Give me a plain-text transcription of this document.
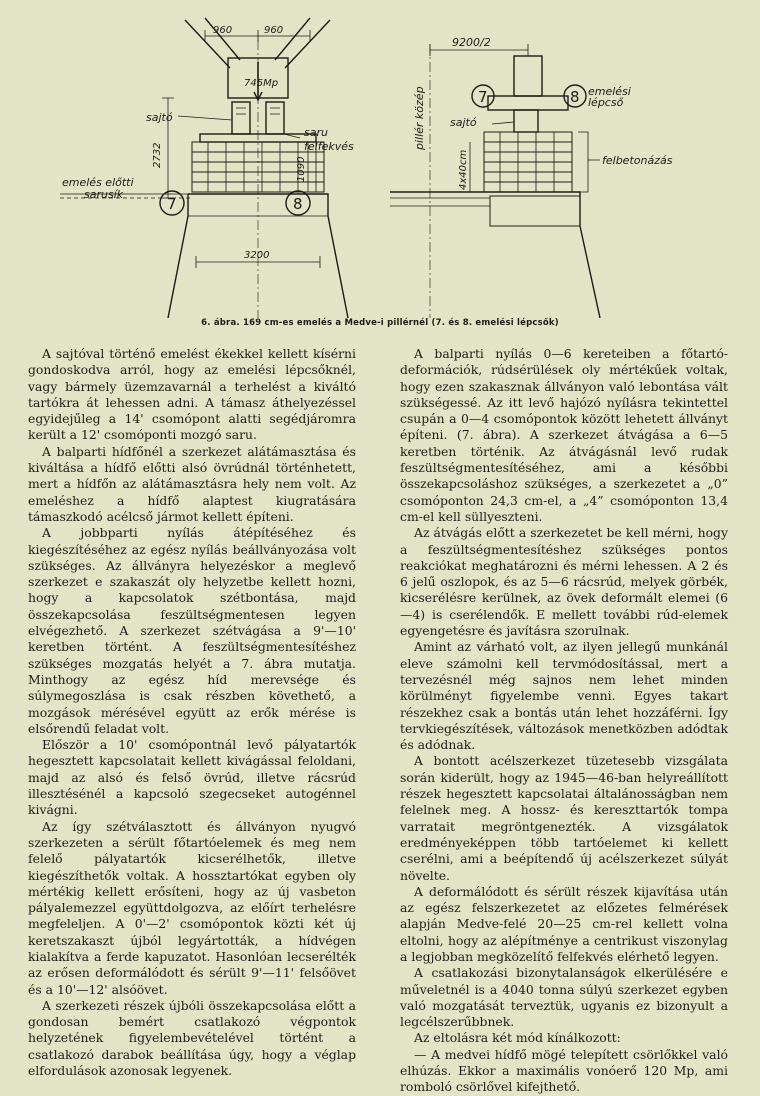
960	960
745Mp
sajtó
saru
felfekvés
2732
1090
emelés előtti
sarusík
7	8
3200
9200/2
pillér közép	7	8 emelési
lépcső
sajtó
felbetonázás
4x40cm
6. ábra. 169 cm-es emelés a Medve-i pillérnél (7. és 8. emelési lépcsők)

A sajtóval történő emelést ékekkel kellett kísérni gondoskodva arról, hogy az emelési lépcsőknél, vagy bármely üzemzavarnál a terhelést a kiváltó tartókra át lehessen adni. A támasz áthelyezéssel egyidejűleg a 14' csomópont alatti segédjáromra került a 12' csomóponti mozgó saru.

A balparti hídfőnél a szerkezet alátámasztása és kiváltása a hídfő előtti alsó övrúdnál történhetett, mert a hídfőn az alátámasztásra hely nem volt. Az emeléshez a hídfő alaptest kiugratására támaszkodó acélcső jármot kellett építeni.

A jobbparti nyílás átépítéséhez és kiegészítéséhez az egész nyílás beállványozása volt szükséges. Az állványra helyezéskor a meglevő szerkezet e szakaszát oly helyzetbe kellett hozni, hogy a kapcsolatok szétbontása, majd összekapcsolása feszültségmentesen legyen elvégezhető. A szerkezet szétvágása a 9'—10' keretben történt. A feszültségmentesítéshez szükséges mozgatás helyét a 7. ábra mutatja. Minthogy az egész híd merevsége és súlymegoszlása is csak részben követhető, a mozgások mérésével együtt az erők mérése is elsőrendű feladat volt.

Először a 10' csomópontnál levő pályatartók hegesztett kapcsolatait kellett kivágással feloldani, majd az alsó és felső övrúd, illetve rácsrúd illesztésénél a kapcsoló szegecseket autogénnel kivágni.

Az így szétválasztott és állványon nyugvó szerkezeten a sérült főtartóelemek és meg nem felelő pályatartók kicserélhetők, illetve kiegészíthetők voltak. A hossztartókat egyben oly mértékig kellett erősíteni, hogy az új vasbeton pályalemezzel együttdolgozva, az előírt terhelésre megfeleljen. A 0'—2' csomópontok közti két új keretszakaszt újból legyártották, a hídvégen kialakítva a ferde kapuzatot. Hasonlóan lecserélték az erősen deformálódott és sérült 9'—11' felsőövet és a 10'—12' alsóövet.

A szerkezeti részek újbóli összekapcsolása előtt a gondosan bemért csatlakozó végpontok helyzetének figyelembevételével történt a csatlakozó darabok beállítása úgy, hogy a véglap elfordulások azonosak legyenek.

A balparti nyílás 0—6 kereteiben a főtartó-deformációk, rúdsérülések oly mértékűek voltak, hogy ezen szakasznak állványon való lebontása vált szükségessé. Az itt levő hajózó nyílásra tekintettel csupán a 0—4 csomópontok között lehetett állványt építeni. (7. ábra). A szerkezet átvágása a 6—5 keretben történik. Az átvágásnál levő rudak feszültségmentesítéséhez, ami a későbbi összekapcsoláshoz szükséges, a szerkezetet a „0” csomóponton 24,3 cm-el, a „4” csomóponton 13,4 cm-el kell süllyeszteni.

Az átvágás előtt a szerkezetet be kell mérni, hogy a feszültségmentesítéshez szükséges pontos reakciókat meghatározni és mérni lehessen. A 2 és 6 jelű oszlopok, és az 5—6 rácsrúd, melyek görbék, kicserélésre kerülnek, az övek deformált elemei (6—4) is cserélendők. E mellett további rúd-elemek egyengetésre és javításra szorulnak.

Amint az várható volt, az ilyen jellegű munkánál eleve számolni kell tervmódosítással, mert a tervezésnél még sajnos nem lehet minden körülményt figyelembe venni. Egyes takart részekhez csak a bontás után lehet hozzáférni. Így tervkiegészítések, változások menetközben adódtak és adódnak.

A bontott acélszerkezet tüzetesebb vizsgálata során kiderült, hogy az 1945—46-ban helyreállított részek hegesztett kapcsolatai általánosságban nem felelnek meg. A hossz- és kereszttartók tompa varratait megröntgenezték. A vizsgálatok eredményeképpen több tartóelemet ki kellett cserélni, ami a beépítendő új acélszerkezet súlyát növelte.

A deformálódott és sérült részek kijavítása után az egész felszerkezetet az előzetes felmérések alapján Medve-felé 20—25 cm-rel kellett volna eltolni, hogy az alépítménye a centrikust viszonylag a legjobban megközelítő felfekvés elérhető legyen.

A csatlakozási bizonytalanságok elkerülésére e műveletnél is a 4040 tonna súlyú szerkezet egyben való mozgatását terveztük, ugyanis ez bizonyult a legcélszerűbbnek.

Az eltolásra két mód kínálkozott:

— A medvei hídfő mögé telepített csörlőkkel való elhúzás. Ekkor a maximális vonóerő 120 Mp, ami romboló csörlővel kifejthető.
